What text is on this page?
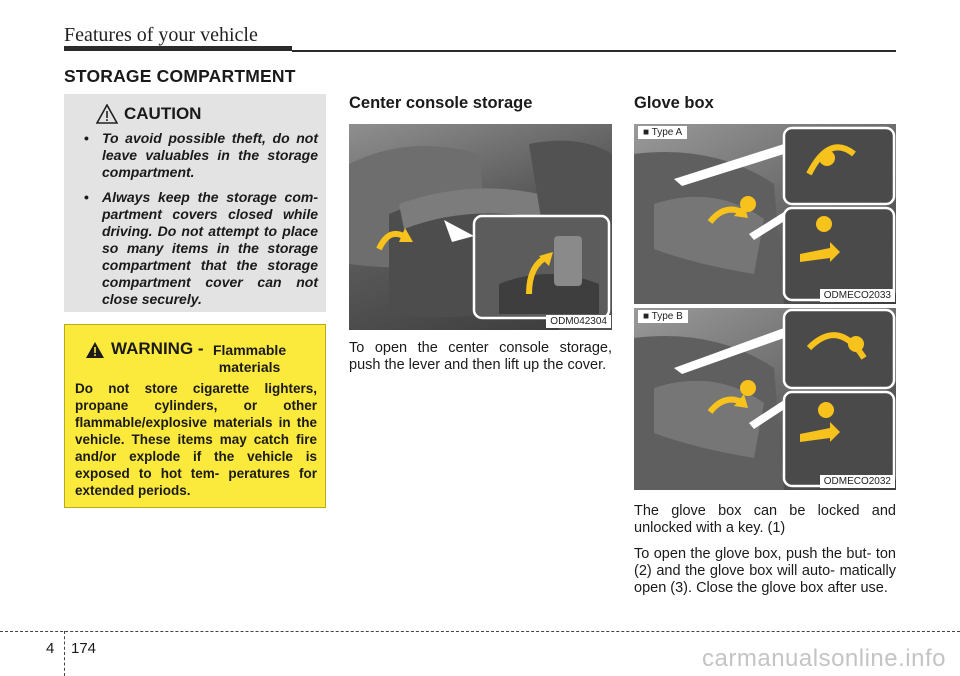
Features of your vehicle
STORAGE COMPARTMENT
CAUTION
• To avoid possible theft, do not leave valuables in the storage compartment.
• Always keep the storage com- partment covers closed while driving. Do not attempt to place so many items in the storage compartment that the storage compartment cover can not close securely.
WARNING - Flammable materials
Do not store cigarette lighters, propane cylinders, or other flammable/explosive materials in the vehicle. These items may catch fire and/or explode if the vehicle is exposed to hot tem- peratures for extended periods.
Center console storage
ODM042304
To open the center console storage, push the lever and then lift up the cover.
Glove box
■ Type A
ODMECO2033
■ Type B
ODMECO2032

The glove box can be locked and unlocked with a key. (1)

To open the glove box, push the but- ton (2) and the glove box will auto- matically open (3). Close the glove box after use.

4 174	carmanualsonline.info
